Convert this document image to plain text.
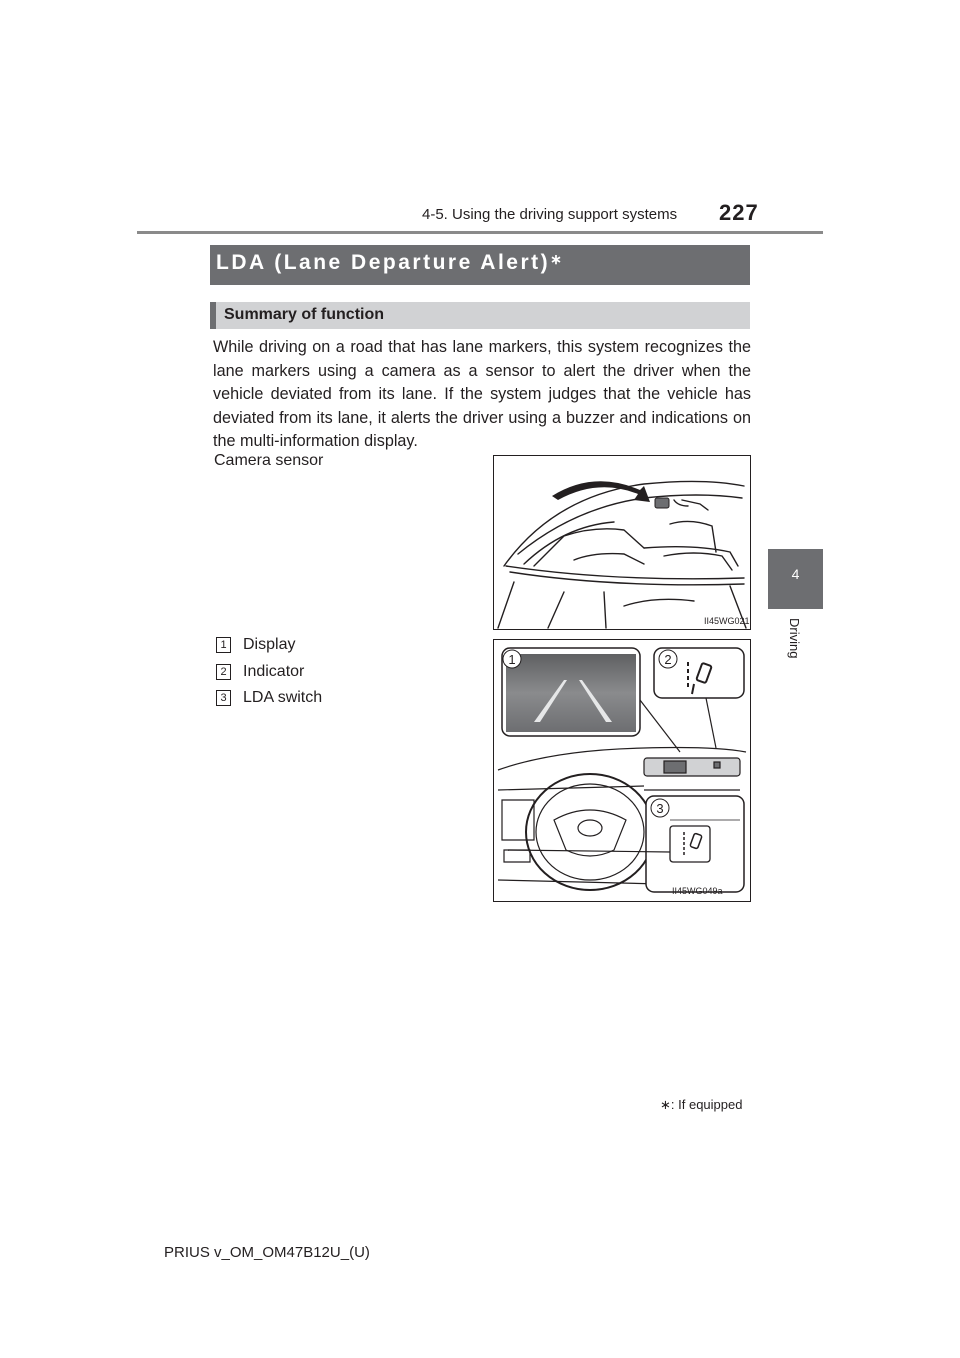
4-5. Using the driving support systems 227
4
Driving
LDA (Lane Departure Alert)∗
Summary of function
While driving on a road that has lane markers, this system recognizes the lane markers using a camera as a sensor to alert the driver when the vehicle deviated from its lane. If the system judges that the vehicle has deviated from its lane, it alerts the driver using a buzzer and indications on the multi-information display.
Camera sensor
II45WG021
1 Display
2 Indicator
3 LDA switch
1	2
3
II45WG049a
∗: If equipped
PRIUS v_OM_OM47B12U_(U)
